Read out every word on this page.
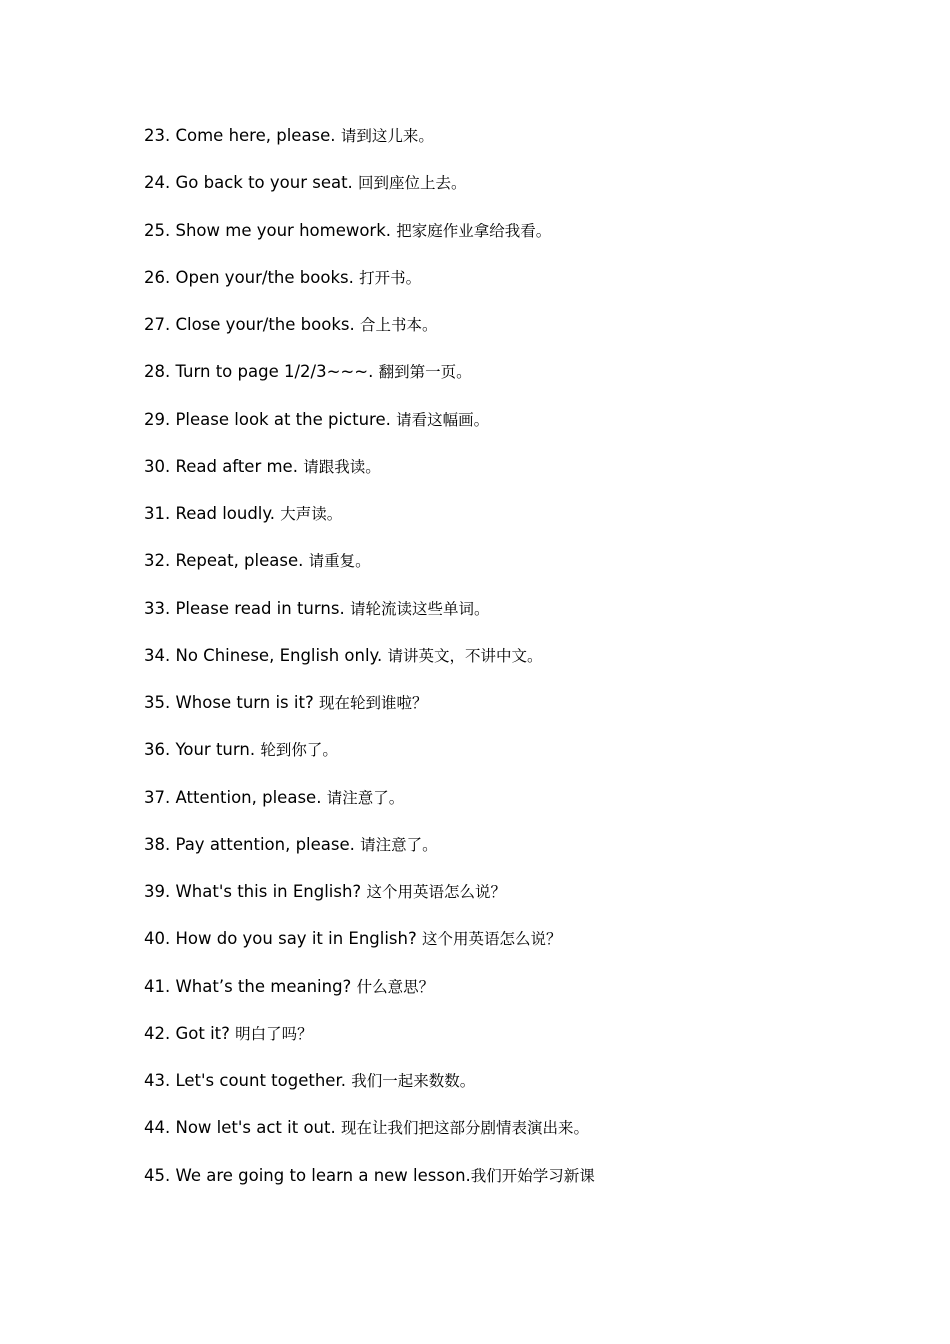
23. Come here, please. 请到这儿来。
24. Go back to your seat. 回到座位上去。
25. Show me your homework. 把家庭作业拿给我看。
26. Open your/the books. 打开书。
27. Close your/the books. 合上书本。
28. Turn to page 1/2/3~~~. 翻到第一页。
29. Please look at the picture. 请看这幅画。
30. Read after me. 请跟我读。
31. Read loudly. 大声读。
32. Repeat, please. 请重复。
33. Please read in turns. 请轮流读这些单词。
34. No Chinese, English only. 请讲英文，不讲中文。
35. Whose turn is it? 现在轮到谁啦？
36. Your turn. 轮到你了。
37. Attention, please. 请注意了。
38. Pay attention, please. 请注意了。
39. What's this in English? 这个用英语怎么说？
40. How do you say it in English? 这个用英语怎么说？
41. What’s the meaning? 什么意思？
42. Got it? 明白了吗？
43. Let's count together. 我们一起来数数。
44. Now let's act it out. 现在让我们把这部分剧情表演出来。
45. We are going to learn a new lesson.我们开始学习新课
